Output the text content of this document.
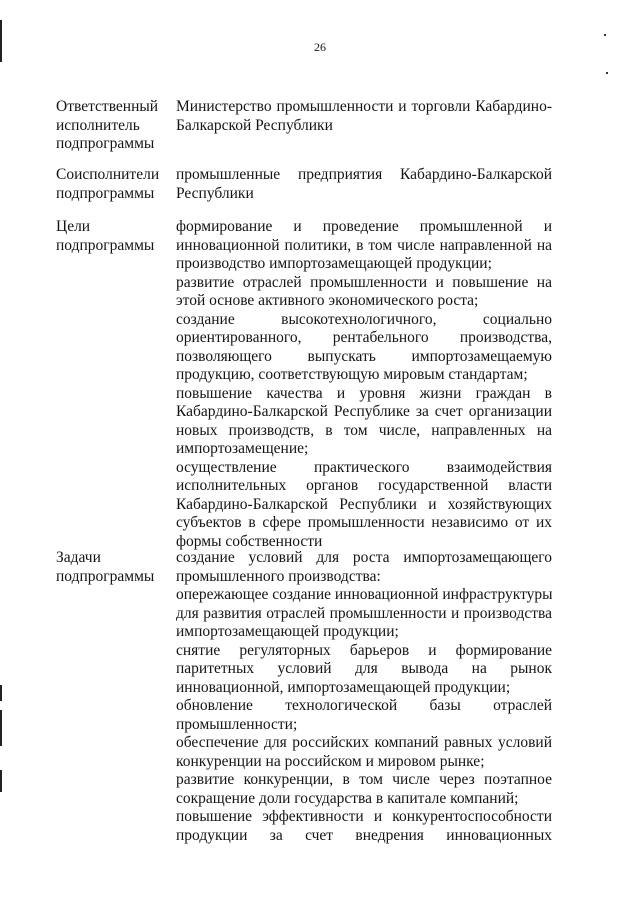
26
Ответственный
исполнитель
подпрограммы
Министерство промышленности и торговли Кабардино-
Балкарской Республики
Соисполнители
подпрограммы
промышленные предприятия Кабардино-Балкарской
Республики
Цели
подпрограммы
формирование и проведение промышленной и
инновационной политики, в том числе направленной на
производство импортозамещающей продукции;
развитие отраслей промышленности и повышение на
этой основе активного экономического роста;
создание высокотехнологичного, социально
ориентированного, рентабельного производства,
позволяющего выпускать импортозамещаемую
продукцию, соответствующую мировым стандартам;
повышение качества и уровня жизни граждан в
Кабардино-Балкарской Республике за счет организации
новых производств, в том числе, направленных на
импортозамещение;
осуществление практического взаимодействия
исполнительных органов государственной власти
Кабардино-Балкарской Республики и хозяйствующих
субъектов в сфере промышленности независимо от их
формы собственности
Задачи
подпрограммы
создание условий для роста импортозамещающего
промышленного производства:
опережающее создание инновационной инфраструктуры
для развития отраслей промышленности и производства
импортозамещающей продукции;
снятие регуляторных барьеров и формирование
паритетных условий для вывода на рынок
инновационной, импортозамещающей продукции;
обновление технологической базы отраслей
промышленности;
обеспечение для российских компаний равных условий
конкуренции на российском и мировом рынке;
развитие конкуренции, в том числе через поэтапное
сокращение доли государства в капитале компаний;
повышение эффективности и конкурентоспособности
продукции за счет внедрения инновационных
